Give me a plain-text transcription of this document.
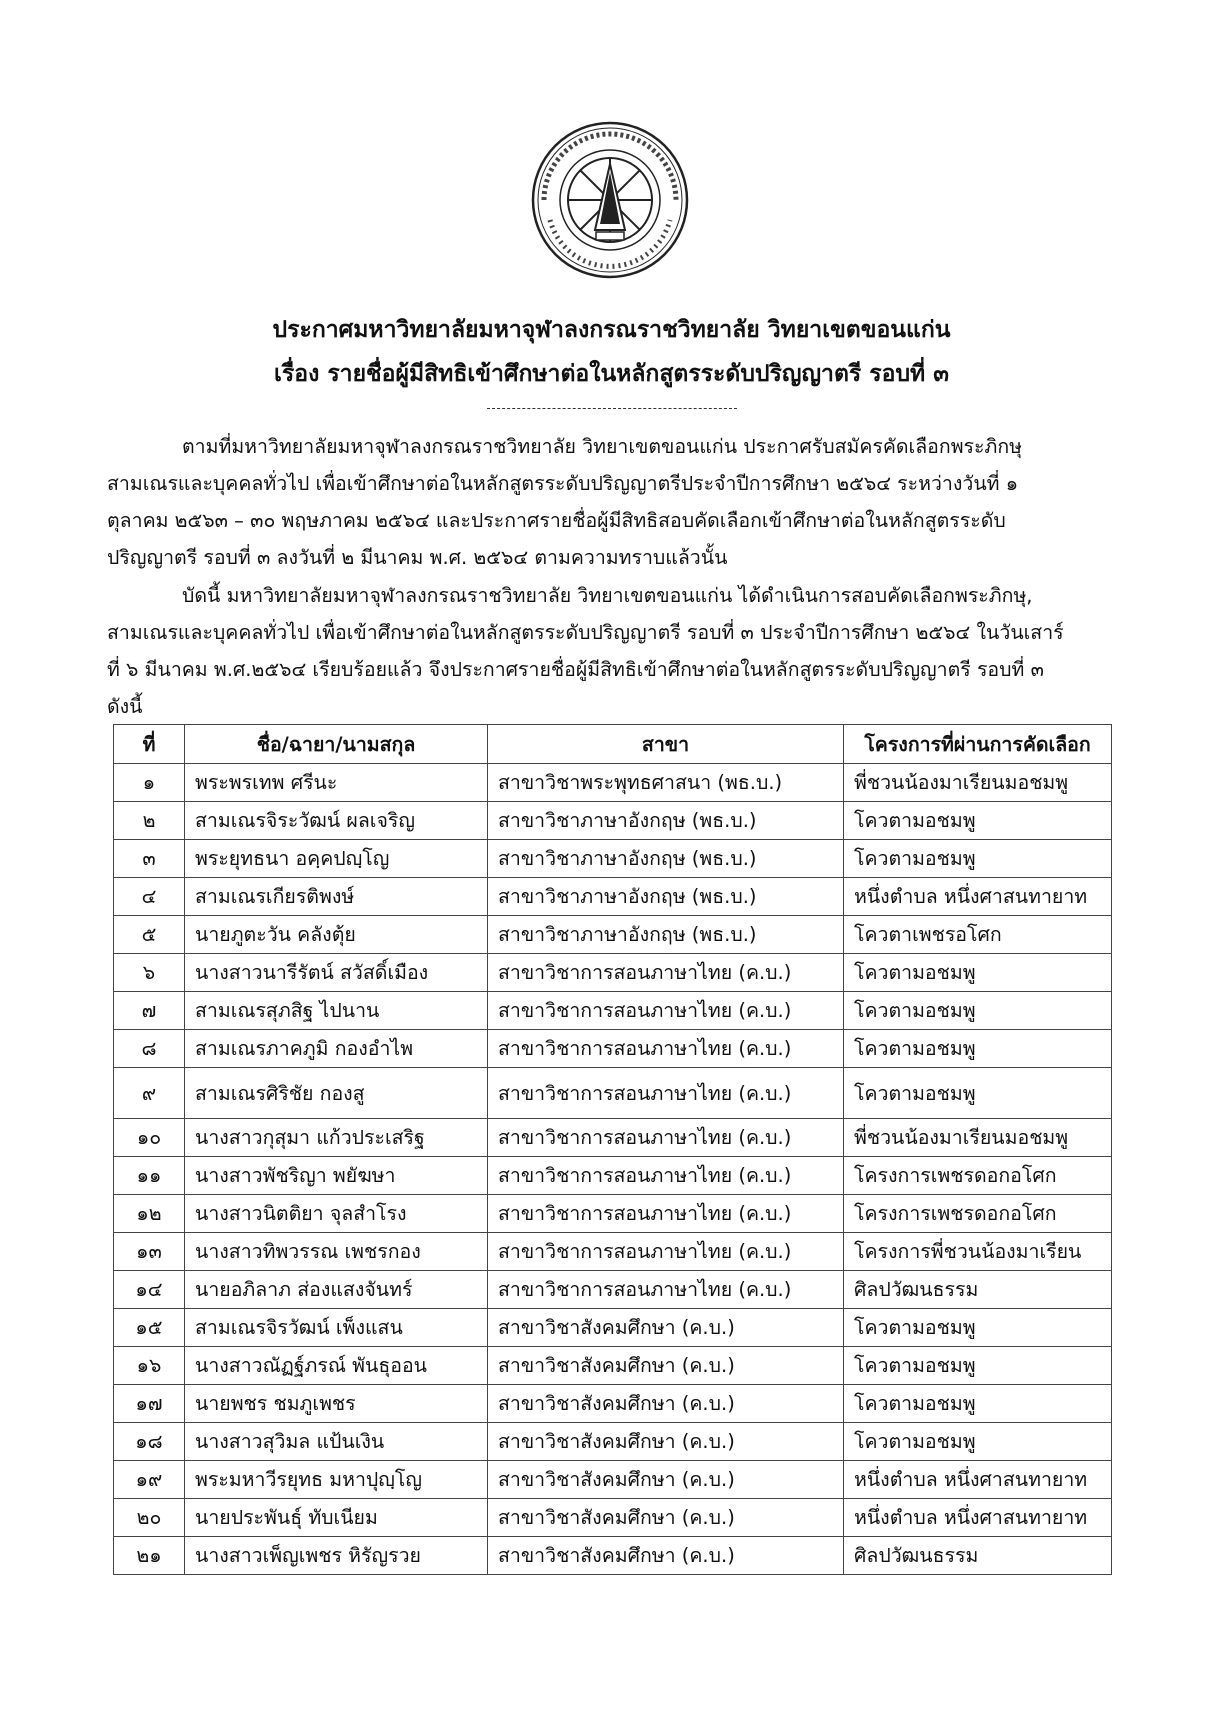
ประกาศมหาวิทยาลัยมหาจุฬาลงกรณราชวิทยาลัย วิทยาเขตขอนแก่น
เรื่อง รายชื่อผู้มีสิทธิเข้าศึกษาต่อในหลักสูตรระดับปริญญาตรี รอบที่ ๓
ตามที่มหาวิทยาลัยมหาจุฬาลงกรณราชวิทยาลัย วิทยาเขตขอนแก่น ประกาศรับสมัครคัดเลือกพระภิกษุ
สามเณรและบุคคลทั่วไป เพื่อเข้าศึกษาต่อในหลักสูตรระดับปริญญาตรีประจำปีการศึกษา ๒๕๖๔ ระหว่างวันที่ ๑
ตุลาคม ๒๕๖๓ – ๓๐ พฤษภาคม ๒๕๖๔ และประกาศรายชื่อผู้มีสิทธิสอบคัดเลือกเข้าศึกษาต่อในหลักสูตรระดับ
ปริญญาตรี รอบที่ ๓ ลงวันที่ ๒ มีนาคม พ.ศ. ๒๕๖๔ ตามความทราบแล้วนั้น
บัดนี้ มหาวิทยาลัยมหาจุฬาลงกรณราชวิทยาลัย วิทยาเขตขอนแก่น ได้ดำเนินการสอบคัดเลือกพระภิกษุ,
สามเณรและบุคคลทั่วไป เพื่อเข้าศึกษาต่อในหลักสูตรระดับปริญญาตรี รอบที่ ๓ ประจำปีการศึกษา ๒๕๖๔ ในวันเสาร์
ที่ ๖ มีนาคม พ.ศ.๒๕๖๔ เรียบร้อยแล้ว จึงประกาศรายชื่อผู้มีสิทธิเข้าศึกษาต่อในหลักสูตรระดับปริญญาตรี รอบที่ ๓
ดังนี้
ที่	ชื่อ/ฉายา/นามสกุล	สาขา	โครงการที่ผ่านการคัดเลือก
๑	พระพรเทพ ศรีนะ	สาขาวิชาพระพุทธศาสนา (พธ.บ.)	พี่ชวนน้องมาเรียนมอชมพู
๒	สามเณรจิระวัฒน์ ผลเจริญ	สาขาวิชาภาษาอังกฤษ (พธ.บ.)	โควตามอชมพู
๓	พระยุทธนา อคฺคปญฺโญ	สาขาวิชาภาษาอังกฤษ (พธ.บ.)	โควตามอชมพู
๔	สามเณรเกียรติพงษ์	สาขาวิชาภาษาอังกฤษ (พธ.บ.)	หนึ่งตำบล หนึ่งศาสนทายาท
๕	นายภูตะวัน คลังตุ้ย	สาขาวิชาภาษาอังกฤษ (พธ.บ.)	โควตาเพชรอโศก
๖	นางสาวนารีรัตน์ สวัสดิ์เมือง	สาขาวิชาการสอนภาษาไทย (ค.บ.)	โควตามอชมพู
๗	สามเณรสุภสิฐ ไปนาน	สาขาวิชาการสอนภาษาไทย (ค.บ.)	โควตามอชมพู
๘	สามเณรภาคภูมิ กองอำไพ	สาขาวิชาการสอนภาษาไทย (ค.บ.)	โควตามอชมพู
๙	สามเณรศิริชัย กองสู	สาขาวิชาการสอนภาษาไทย (ค.บ.)	โควตามอชมพู
๑๐	นางสาวกุสุมา แก้วประเสริฐ	สาขาวิชาการสอนภาษาไทย (ค.บ.)	พี่ชวนน้องมาเรียนมอชมพู
๑๑	นางสาวพัชริญา พยัฆษา	สาขาวิชาการสอนภาษาไทย (ค.บ.)	โครงการเพชรดอกอโศก
๑๒	นางสาวนิตติยา จุลสำโรง	สาขาวิชาการสอนภาษาไทย (ค.บ.)	โครงการเพชรดอกอโศก
๑๓	นางสาวทิพวรรณ เพชรกอง	สาขาวิชาการสอนภาษาไทย (ค.บ.)	โครงการพี่ชวนน้องมาเรียน
๑๔	นายอภิลาภ ส่องแสงจันทร์	สาขาวิชาการสอนภาษาไทย (ค.บ.)	ศิลปวัฒนธรรม
๑๕	สามเณรจิรวัฒน์ เพ็งแสน	สาขาวิชาสังคมศึกษา (ค.บ.)	โควตามอชมพู
๑๖	นางสาวณัฏฐ์ภรณ์ พันธุออน	สาขาวิชาสังคมศึกษา (ค.บ.)	โควตามอชมพู
๑๗	นายพชร ชมภูเพชร	สาขาวิชาสังคมศึกษา (ค.บ.)	โควตามอชมพู
๑๘	นางสาวสุวิมล แป้นเงิน	สาขาวิชาสังคมศึกษา (ค.บ.)	โควตามอชมพู
๑๙	พระมหาวีรยุทธ มหาปุญฺโญ	สาขาวิชาสังคมศึกษา (ค.บ.)	หนึ่งตำบล หนึ่งศาสนทายาท
๒๐	นายประพันธุ์ ทับเนียม	สาขาวิชาสังคมศึกษา (ค.บ.)	หนึ่งตำบล หนึ่งศาสนทายาท
๒๑	นางสาวเพ็ญเพชร หิรัญรวย	สาขาวิชาสังคมศึกษา (ค.บ.)	ศิลปวัฒนธรรม
